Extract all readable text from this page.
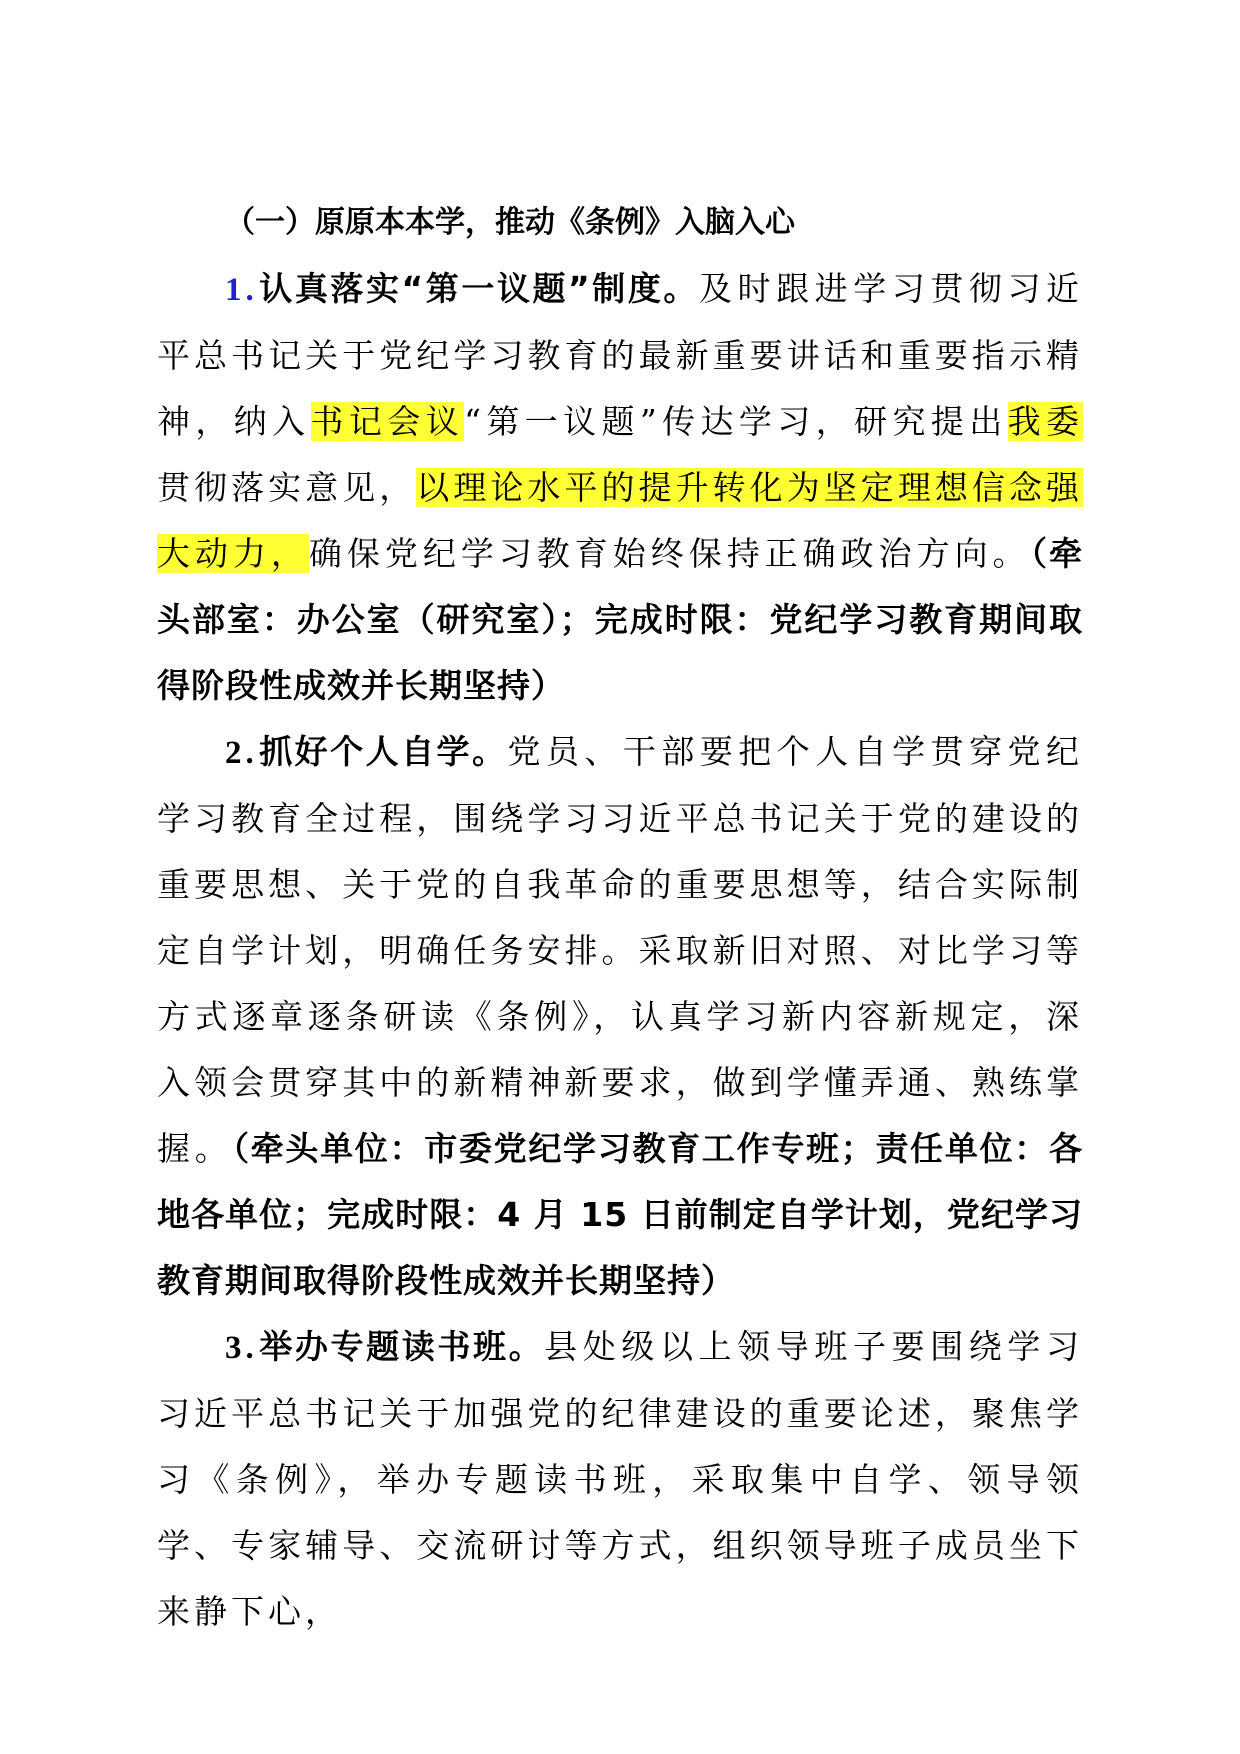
（一）原原本本学，推动《条例》入脑入心

1.认真落实“第一议题”制度。及时跟进学习贯彻习近平总书记关于党纪学习教育的最新重要讲话和重要指示精神，纳入书记会议“第一议题”传达学习，研究提出我委贯彻落实意见，以理论水平的提升转化为坚定理想信念强大动力，确保党纪学习教育始终保持正确政治方向。（牵头部室：办公室（研究室）；完成时限：党纪学习教育期间取得阶段性成效并长期坚持）

2.抓好个人自学。党员、干部要把个人自学贯穿党纪学习教育全过程，围绕学习习近平总书记关于党的建设的重要思想、关于党的自我革命的重要思想等，结合实际制定自学计划，明确任务安排。采取新旧对照、对比学习等方式逐章逐条研读《条例》，认真学习新内容新规定，深入领会贯穿其中的新精神新要求，做到学懂弄通、熟练掌握。（牵头单位：市委党纪学习教育工作专班；责任单位：各地各单位；完成时限：4 月 15 日前制定自学计划，党纪学习教育期间取得阶段性成效并长期坚持）

3.举办专题读书班。县处级以上领导班子要围绕学习习近平总书记关于加强党的纪律建设的重要论述，聚焦学习《条例》，举办专题读书班，采取集中自学、领导领学、专家辅导、交流研讨等方式，组织领导班子成员坐下来静下心，
